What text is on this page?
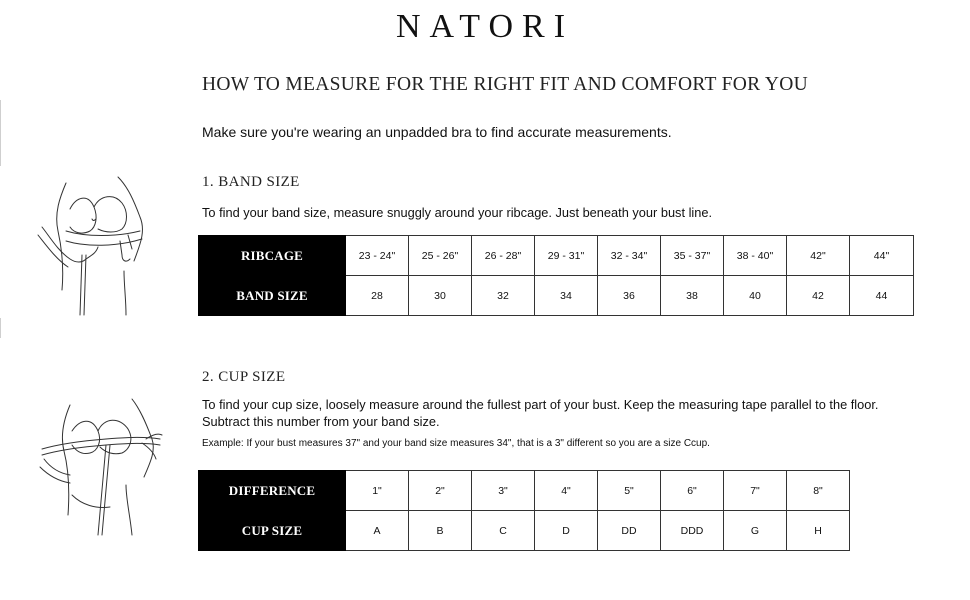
NATORI
HOW TO MEASURE FOR THE RIGHT FIT AND COMFORT FOR YOU
Make sure you're wearing an unpadded bra to find accurate measurements.
1. BAND SIZE
To find your band size, measure snuggly around your ribcage. Just beneath your bust line.
RIBCAGE	23 - 24"	25 - 26"	26 - 28"	29 - 31"	32 - 34"	35 - 37"	38 - 40"	42"	44"
BAND SIZE	28	30	32	34	36	38	40	42	44
2. CUP SIZE
To find your cup size, loosely measure around the fullest part of your bust. Keep the measuring tape parallel to the floor. Subtract this number from your band size.
Example: If your bust measures 37" and your band size measures 34", that is a 3" different so you are a size Ccup.
DIFFERENCE	1"	2"	3"	4"	5"	6"	7"	8"
CUP SIZE	A	B	C	D	DD	DDD	G	H
